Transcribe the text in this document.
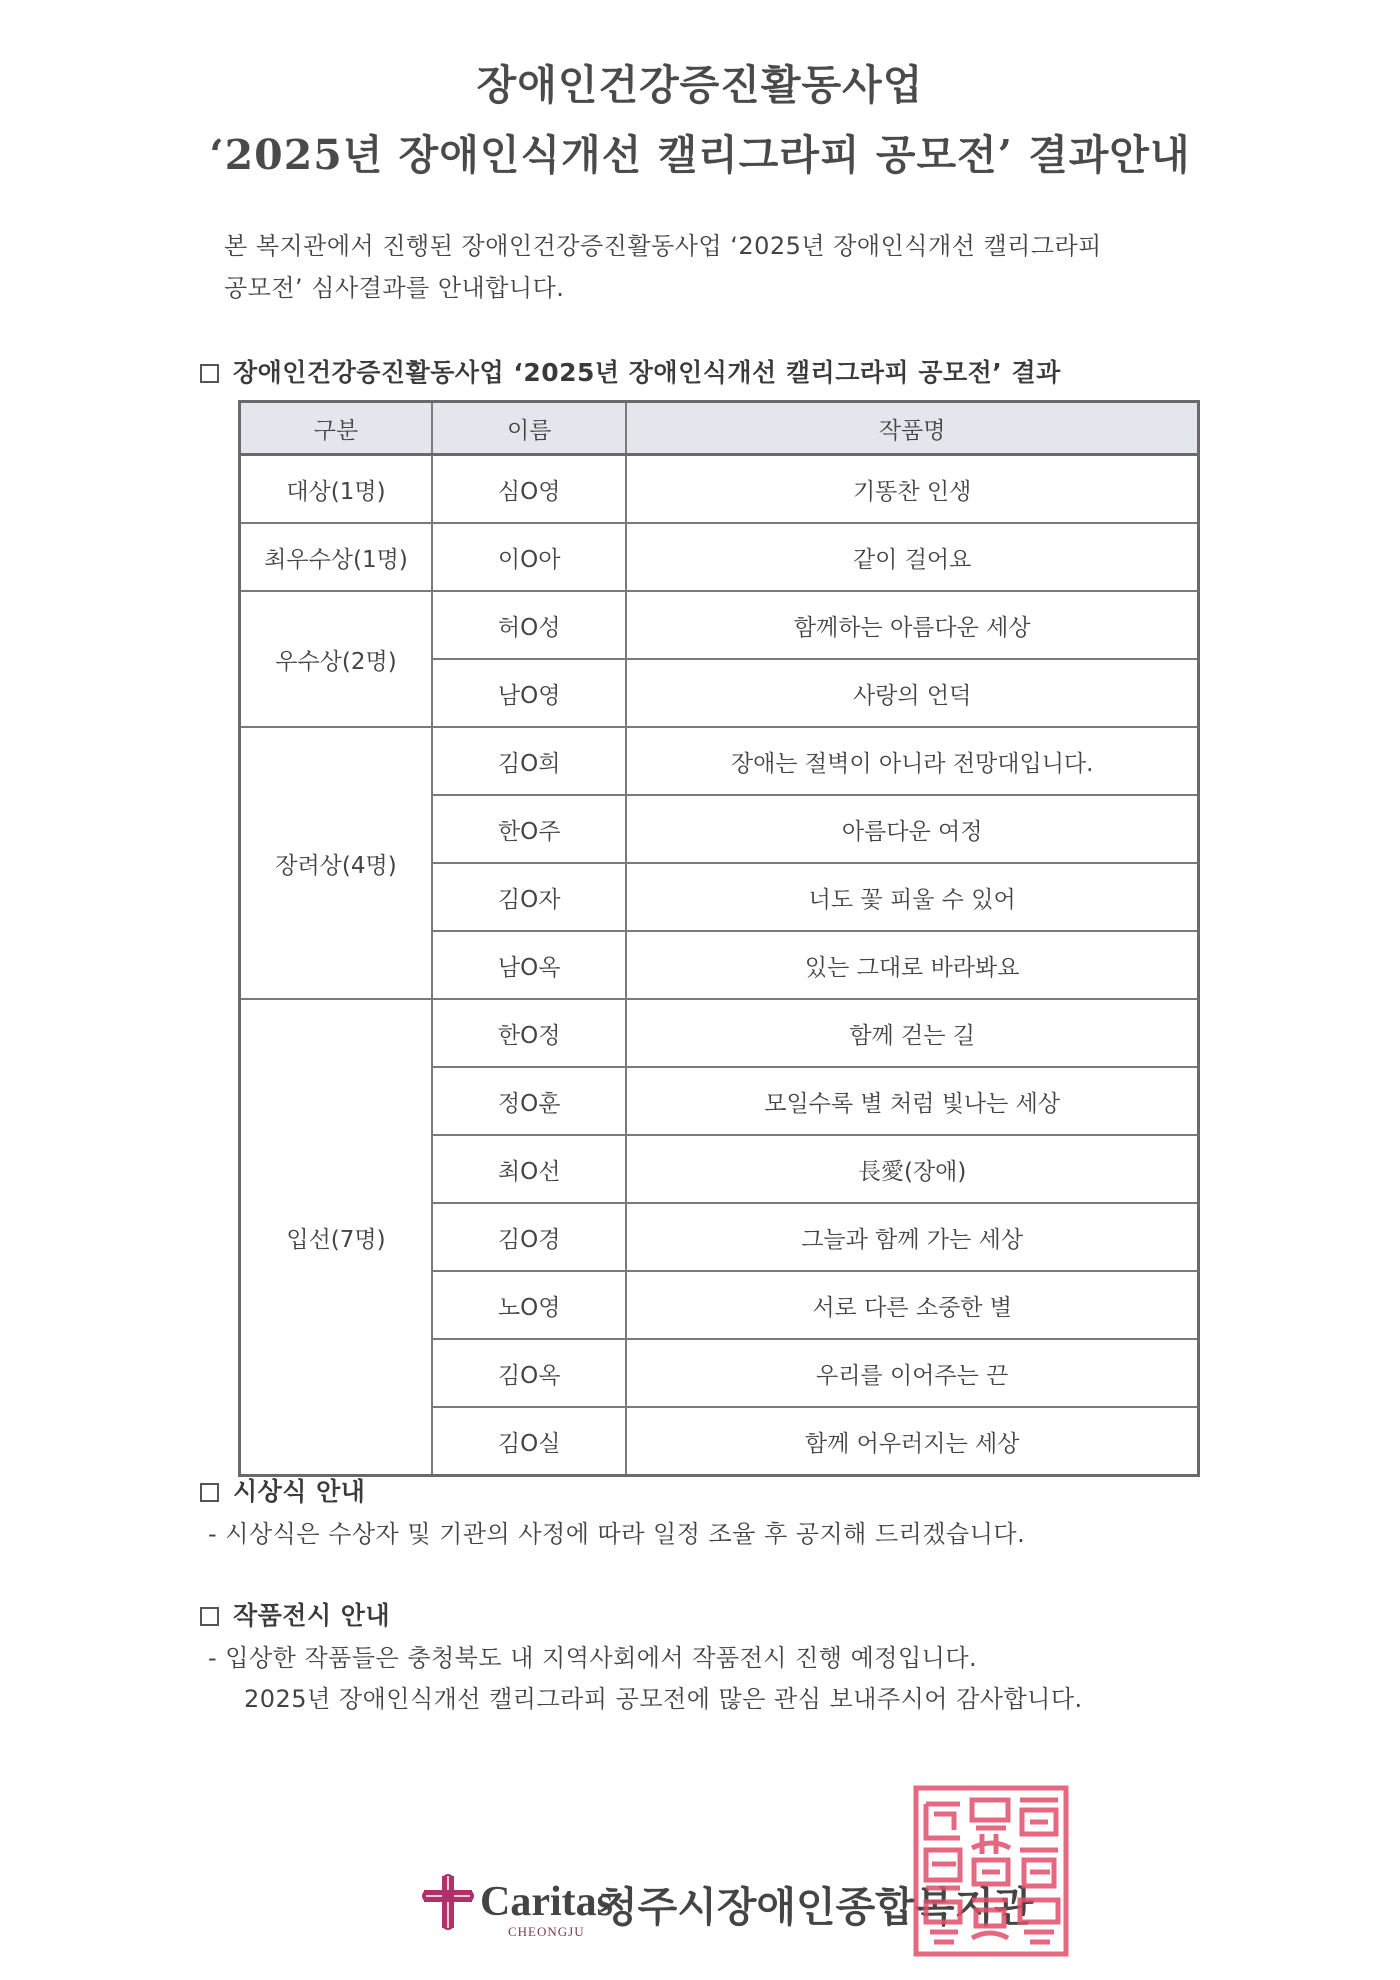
장애인건강증진활동사업
‘2025년 장애인식개선 캘리그라피 공모전’ 결과안내
본 복지관에서 진행된 장애인건강증진활동사업 ‘2025년 장애인식개선 캘리그라피
공모전’ 심사결과를 안내합니다.
장애인건강증진활동사업 ‘2025년 장애인식개선 캘리그라피 공모전’ 결과
구분	이름	작품명
대상(1명)	심O영	기똥찬 인생
최우수상(1명)	이O아	같이 걸어요
우수상(2명)	허O성	함께하는 아름다운 세상
	남O영	사랑의 언덕
장려상(4명)	김O희	장애는 절벽이 아니라 전망대입니다.
	한O주	아름다운 여정
	김O자	너도 꽃 피울 수 있어
	남O옥	있는 그대로 바라봐요
입선(7명)	한O정	함께 걷는 길
	정O훈	모일수록 별 처럼 빛나는 세상
	최O선	長愛(장애)
	김O경	그늘과 함께 가는 세상
	노O영	서로 다른 소중한 별
	김O옥	우리를 이어주는 끈
	김O실	함께 어우러지는 세상
시상식 안내
- 시상식은 수상자 및 기관의 사정에 따라 일정 조율 후 공지해 드리겠습니다.
작품전시 안내
- 입상한 작품들은 충청북도 내 지역사회에서 작품전시 진행 예정입니다.
2025년 장애인식개선 캘리그라피 공모전에 많은 관심 보내주시어 감사합니다.
Caritas
청주시장애인종합복지관
CHEONGJU
